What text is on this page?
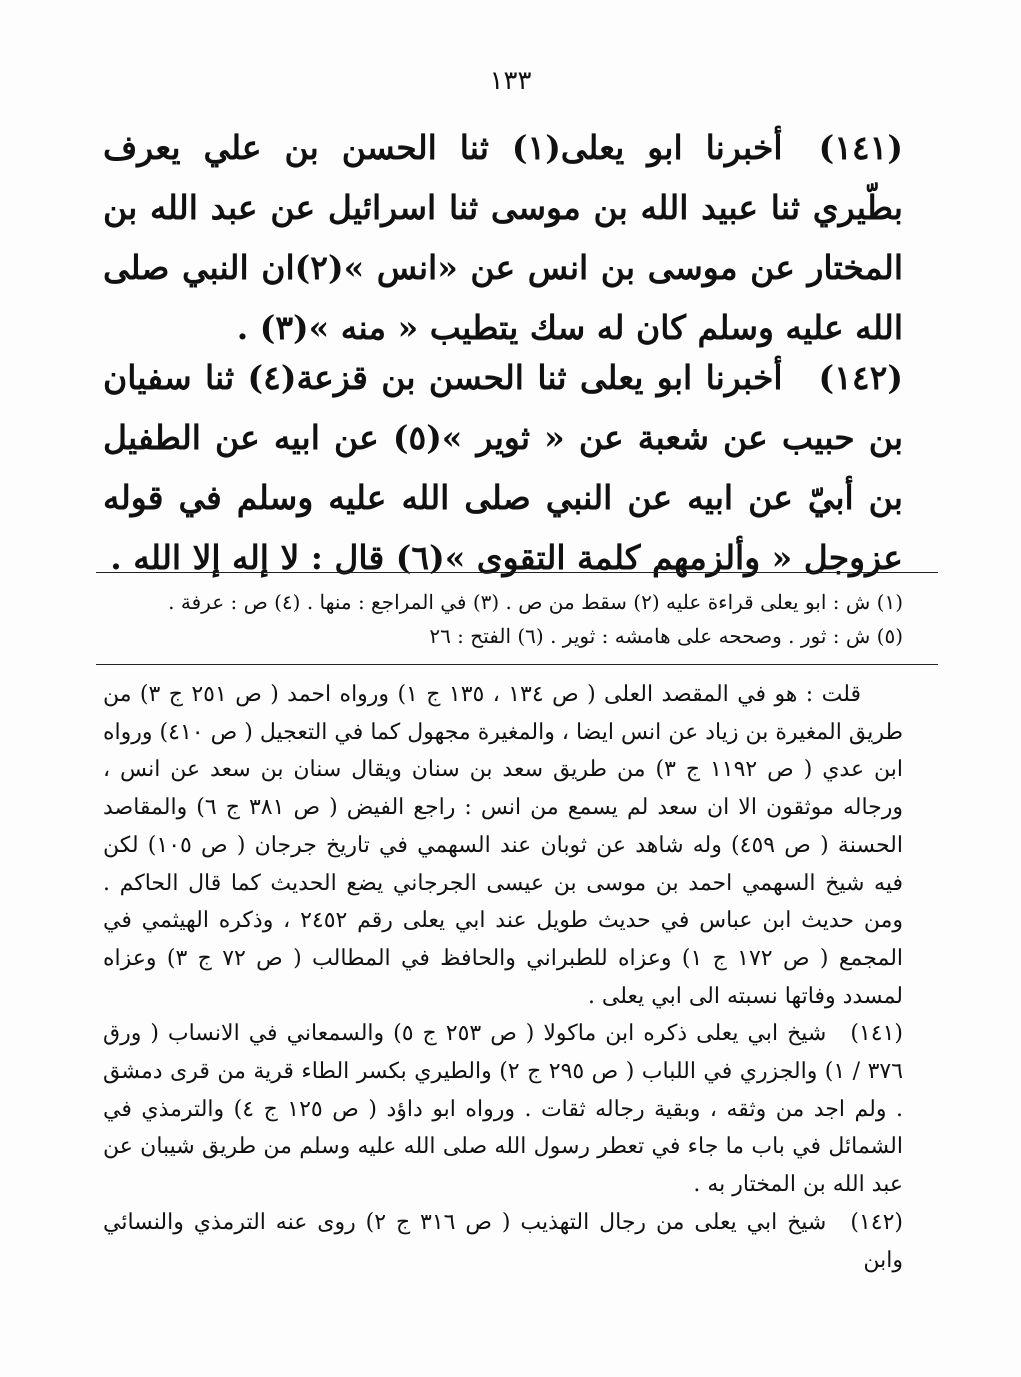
١٣٣
(١٤١)أخبرنا ابو يعلى(١) ثنا الحسن بن علي يعرف بطّيري ثنا عبيد الله بن موسى ثنا اسرائيل عن عبد الله بن المختار عن موسى بن انس عن «انس »(٢)ان النبي صلى الله عليه وسلم كان له سك يتطيب « منه »(٣) .
(١٤٢)أخبرنا ابو يعلى ثنا الحسن بن قزعة(٤) ثنا سفيان بن حبيب عن شعبة عن « ثوير »(٥) عن ابيه عن الطفيل بن أبيّ عن ابيه عن النبي صلى الله عليه وسلم في قوله عزوجل « وألزمهم كلمة التقوى »(٦) قال : لا إله إلا الله .
(١) ش : ابو يعلى قراءة عليه (٢) سقط من ص . (٣) في المراجع : منها . (٤) ص : عرفة .
(٥) ش : ثور . وصححه على هامشه : ثوير . (٦) الفتح : ٢٦

قلت : هو في المقصد العلى ( ص ١٣٤ ، ١٣٥ ج ١) ورواه احمد ( ص ٢٥١ ج ٣) من طريق المغيرة بن زياد عن انس ايضا ، والمغيرة مجهول كما في التعجيل ( ص ٤١٠) ورواه ابن عدي ( ص ١١٩٢ ج ٣) من طريق سعد بن سنان ويقال سنان بن سعد عن انس ، ورجاله موثقون الا ان سعد لم يسمع من انس : راجع الفيض ( ص ٣٨١ ج ٦) والمقاصد الحسنة ( ص ٤٥٩) وله شاهد عن ثوبان عند السهمي في تاريخ جرجان ( ص ١٠٥) لكن فيه شيخ السهمي احمد بن موسى بن عيسى الجرجاني يضع الحديث كما قال الحاكم . ومن حديث ابن عباس في حديث طويل عند ابي يعلى رقم ٢٤٥٢ ، وذكره الهيثمي في المجمع ( ص ١٧٢ ج ١) وعزاه للطبراني والحافظ في المطالب ( ص ٧٢ ج ٣) وعزاه لمسدد وفاتها نسبته الى ابي يعلى .

(١٤١)شيخ ابي يعلى ذكره ابن ماكولا ( ص ٢٥٣ ج ٥) والسمعاني في الانساب ( ورق ٣٧٦ / ١) والجزري في اللباب ( ص ٢٩٥ ج ٢) والطيري بكسر الطاء قرية من قرى دمشق . ولم اجد من وثقه ، وبقية رجاله ثقات . ورواه ابو داؤد ( ص ١٢٥ ج ٤) والترمذي في الشمائل في باب ما جاء في تعطر رسول الله صلى الله عليه وسلم من طريق شيبان عن عبد الله بن المختار به .

(١٤٢)شيخ ابي يعلى من رجال التهذيب ( ص ٣١٦ ج ٢) روى عنه الترمذي والنسائي وابن
